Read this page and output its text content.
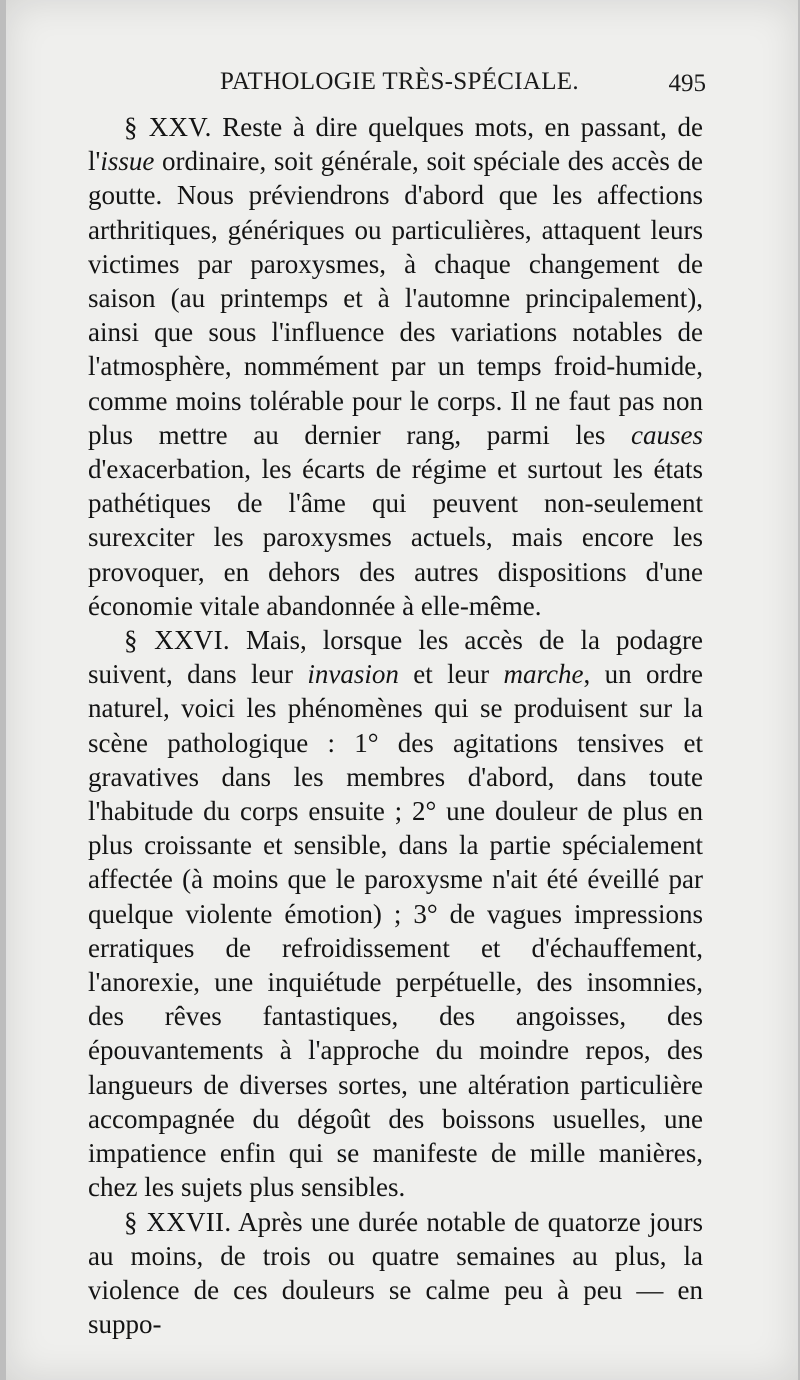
PATHOLOGIE TRÈS-SPÉCIALE.	495

§ XXV. Reste à dire quelques mots, en passant, de l'issue ordinaire, soit générale, soit spéciale des accès de goutte. Nous préviendrons d'abord que les affections arthritiques, génériques ou particulières, attaquent leurs victimes par paroxysmes, à chaque changement de saison (au printemps et à l'automne principalement), ainsi que sous l'influence des variations notables de l'atmosphère, nommément par un temps froid-humide, comme moins tolérable pour le corps. Il ne faut pas non plus mettre au dernier rang, parmi les causes d'exacerbation, les écarts de régime et surtout les états pathétiques de l'âme qui peuvent non-seulement surexciter les paroxysmes actuels, mais encore les provoquer, en dehors des autres dispositions d'une économie vitale abandonnée à elle-même.

§ XXVI. Mais, lorsque les accès de la podagre suivent, dans leur invasion et leur marche, un ordre naturel, voici les phénomènes qui se produisent sur la scène pathologique : 1° des agitations tensives et gravatives dans les membres d'abord, dans toute l'habitude du corps ensuite ; 2° une douleur de plus en plus croissante et sensible, dans la partie spécialement affectée (à moins que le paroxysme n'ait été éveillé par quelque violente émotion) ; 3° de vagues impressions erratiques de refroidissement et d'échauffement, l'anorexie, une inquiétude perpétuelle, des insomnies, des rêves fantastiques, des angoisses, des épouvantements à l'approche du moindre repos, des langueurs de diverses sortes, une altération particulière accompagnée du dégoût des boissons usuelles, une impatience enfin qui se manifeste de mille manières, chez les sujets plus sensibles.

§ XXVII. Après une durée notable de quatorze jours au moins, de trois ou quatre semaines au plus, la violence de ces douleurs se calme peu à peu — en suppo-
